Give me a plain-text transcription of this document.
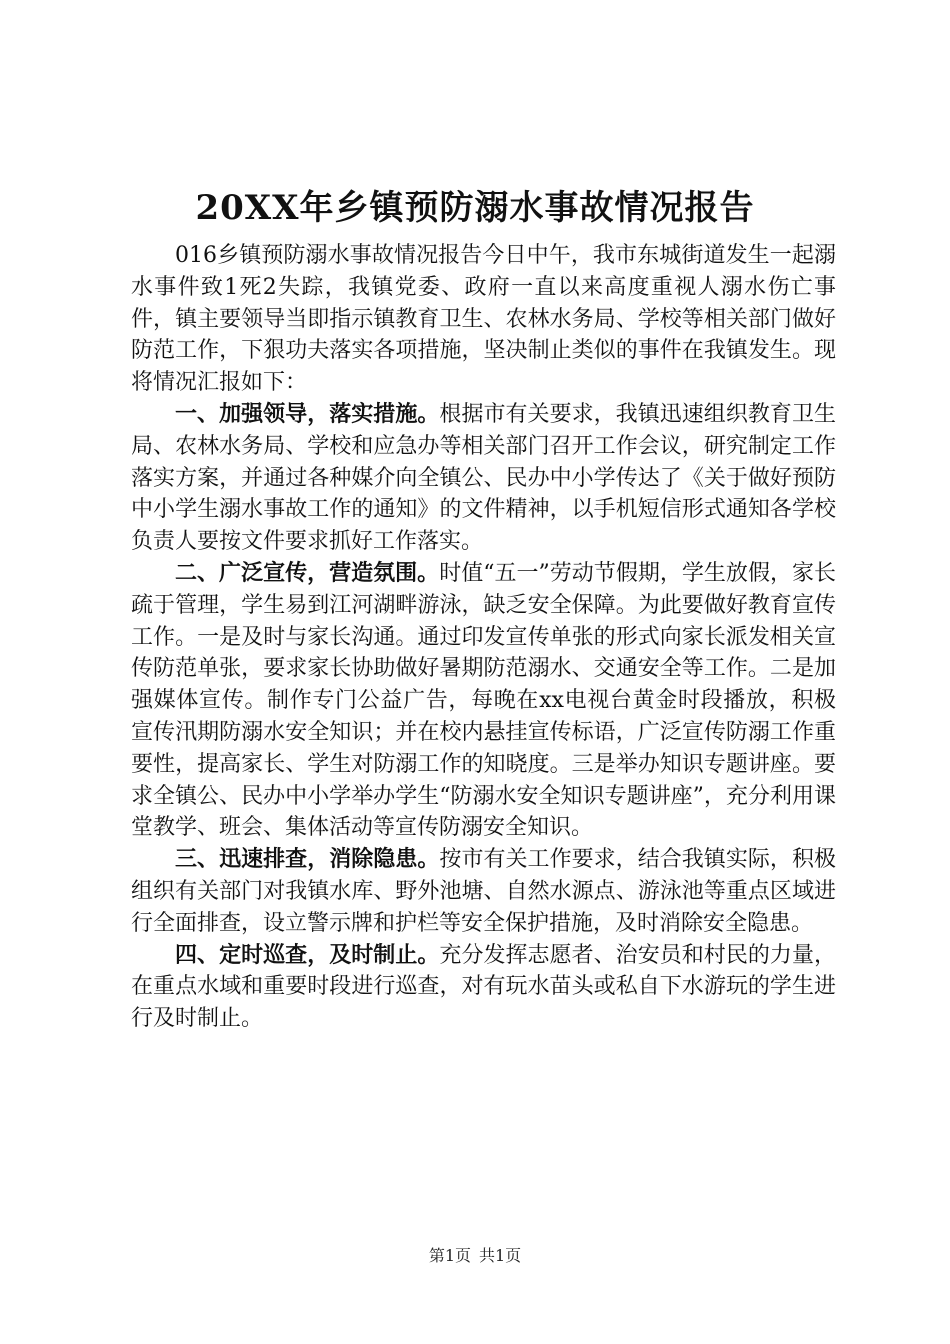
20XX年乡镇预防溺水事故情况报告

016乡镇预防溺水事故情况报告今日中午，我市东城街道发生一起溺水事件致1死2失踪，我镇党委、政府一直以来高度重视人溺水伤亡事件，镇主要领导当即指示镇教育卫生、农林水务局、学校等相关部门做好防范工作，下狠功夫落实各项措施，坚决制止类似的事件在我镇发生。现将情况汇报如下：

一、加强领导，落实措施。根据市有关要求，我镇迅速组织教育卫生局、农林水务局、学校和应急办等相关部门召开工作会议，研究制定工作落实方案，并通过各种媒介向全镇公、民办中小学传达了《关于做好预防中小学生溺水事故工作的通知》的文件精神，以手机短信形式通知各学校负责人要按文件要求抓好工作落实。

二、广泛宣传，营造氛围。时值“五一”劳动节假期，学生放假，家长疏于管理，学生易到江河湖畔游泳，缺乏安全保障。为此要做好教育宣传工作。一是及时与家长沟通。通过印发宣传单张的形式向家长派发相关宣传防范单张，要求家长协助做好暑期防范溺水、交通安全等工作。二是加强媒体宣传。制作专门公益广告，每晚在xx电视台黄金时段播放，积极宣传汛期防溺水安全知识；并在校内悬挂宣传标语，广泛宣传防溺工作重要性，提高家长、学生对防溺工作的知晓度。三是举办知识专题讲座。要求全镇公、民办中小学举办学生“防溺水安全知识专题讲座”，充分利用课堂教学、班会、集体活动等宣传防溺安全知识。

三、迅速排查，消除隐患。按市有关工作要求，结合我镇实际，积极组织有关部门对我镇水库、野外池塘、自然水源点、游泳池等重点区域进行全面排查，设立警示牌和护栏等安全保护措施，及时消除安全隐患。

四、定时巡查，及时制止。充分发挥志愿者、治安员和村民的力量，在重点水域和重要时段进行巡查，对有玩水苗头或私自下水游玩的学生进行及时制止。

第1页 共1页
